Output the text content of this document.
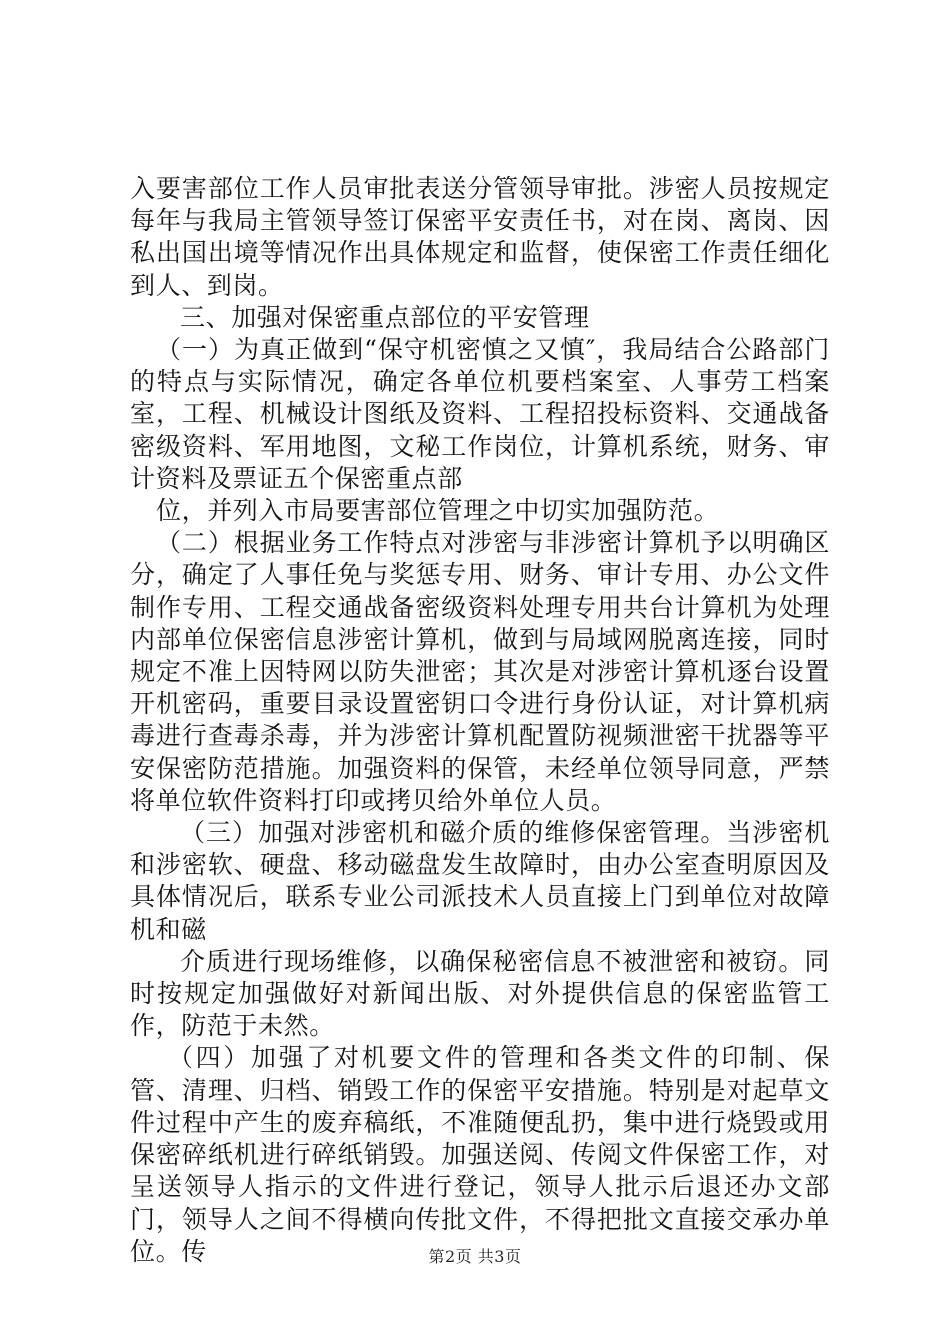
入要害部位工作人员审批表送分管领导审批。涉密人员按规定每年与我局主管领导签订保密平安责任书，对在岗、离岗、因私出国出境等情况作出具体规定和监督，使保密工作责任细化到人、到岗。

三、加强对保密重点部位的平安管理

（一）为真正做到“保守机密慎之又慎″，我局结合公路部门的特点与实际情况，确定各单位机要档案室、人事劳工档案室，工程、机械设计图纸及资料、工程招投标资料、交通战备密级资料、军用地图，文秘工作岗位，计算机系统，财务、审计资料及票证五个保密重点部

位，并列入市局要害部位管理之中切实加强防范。

（二）根据业务工作特点对涉密与非涉密计算机予以明确区分，确定了人事任免与奖惩专用、财务、审计专用、办公文件制作专用、工程交通战备密级资料处理专用共台计算机为处理内部单位保密信息涉密计算机，做到与局域网脱离连接，同时规定不准上因特网以防失泄密；其次是对涉密计算机逐台设置开机密码，重要目录设置密钥口令进行身份认证，对计算机病毒进行查毒杀毒，并为涉密计算机配置防视频泄密干扰器等平安保密防范措施。加强资料的保管，未经单位领导同意，严禁将单位软件资料打印或拷贝给外单位人员。

（三）加强对涉密机和磁介质的维修保密管理。当涉密机和涉密软、硬盘、移动磁盘发生故障时，由办公室查明原因及具体情况后，联系专业公司派技术人员直接上门到单位对故障机和磁

介质进行现场维修，以确保秘密信息不被泄密和被窃。同时按规定加强做好对新闻出版、对外提供信息的保密监管工作，防范于未然。

（四）加强了对机要文件的管理和各类文件的印制、保管、清理、归档、销毁工作的保密平安措施。特别是对起草文件过程中产生的废弃稿纸，不准随便乱扔，集中进行烧毁或用保密碎纸机进行碎纸销毁。加强送阅、传阅文件保密工作，对呈送领导人指示的文件进行登记，领导人批示后退还办文部门，领导人之间不得横向传批文件，不得把批文直接交承办单位。传	第2页 共3页
